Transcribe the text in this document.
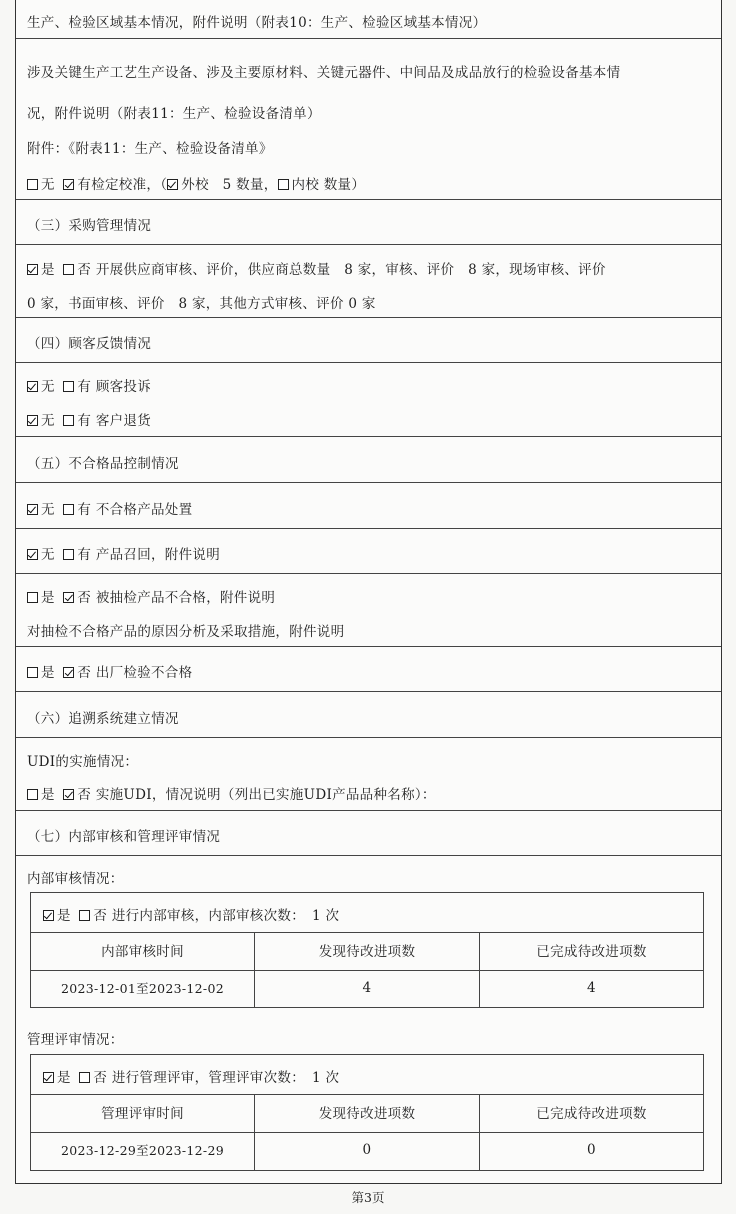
生产、检验区域基本情况，附件说明（附表10：生产、检验区域基本情况）
涉及关键生产工艺生产设备、涉及主要原材料、关键元器件、中间品及成品放行的检验设备基本情
况，附件说明（附表11：生产、检验设备清单）
附件：《附表11：生产、检验设备清单》
无 有检定校准，（ 外校　5 数量， 内校 数量）
（三）采购管理情况
是 否 开展供应商审核、评价，供应商总数量　8 家，审核、评价　8 家，现场审核、评价
0 家，书面审核、评价　8 家，其他方式审核、评价 0 家
（四）顾客反馈情况
无 有 顾客投诉
无 有 客户退货
（五）不合格品控制情况
无 有 不合格产品处置
无 有 产品召回，附件说明
是 否 被抽检产品不合格，附件说明
对抽检不合格产品的原因分析及采取措施，附件说明
是 否 出厂检验不合格
（六）追溯系统建立情况
UDI的实施情况：
是 否 实施UDI，情况说明（列出已实施UDI产品品种名称）：
（七）内部审核和管理评审情况
内部审核情况：
是 否 进行内部审核，内部审核次数：　1 次
内部审核时间	发现待改进项数	已完成待改进项数
2023-12-01至2023-12-02	4	4
管理评审情况：
是 否 进行管理评审，管理评审次数：　1 次
管理评审时间	发现待改进项数	已完成待改进项数
2023-12-29至2023-12-29	0	0
第3页
